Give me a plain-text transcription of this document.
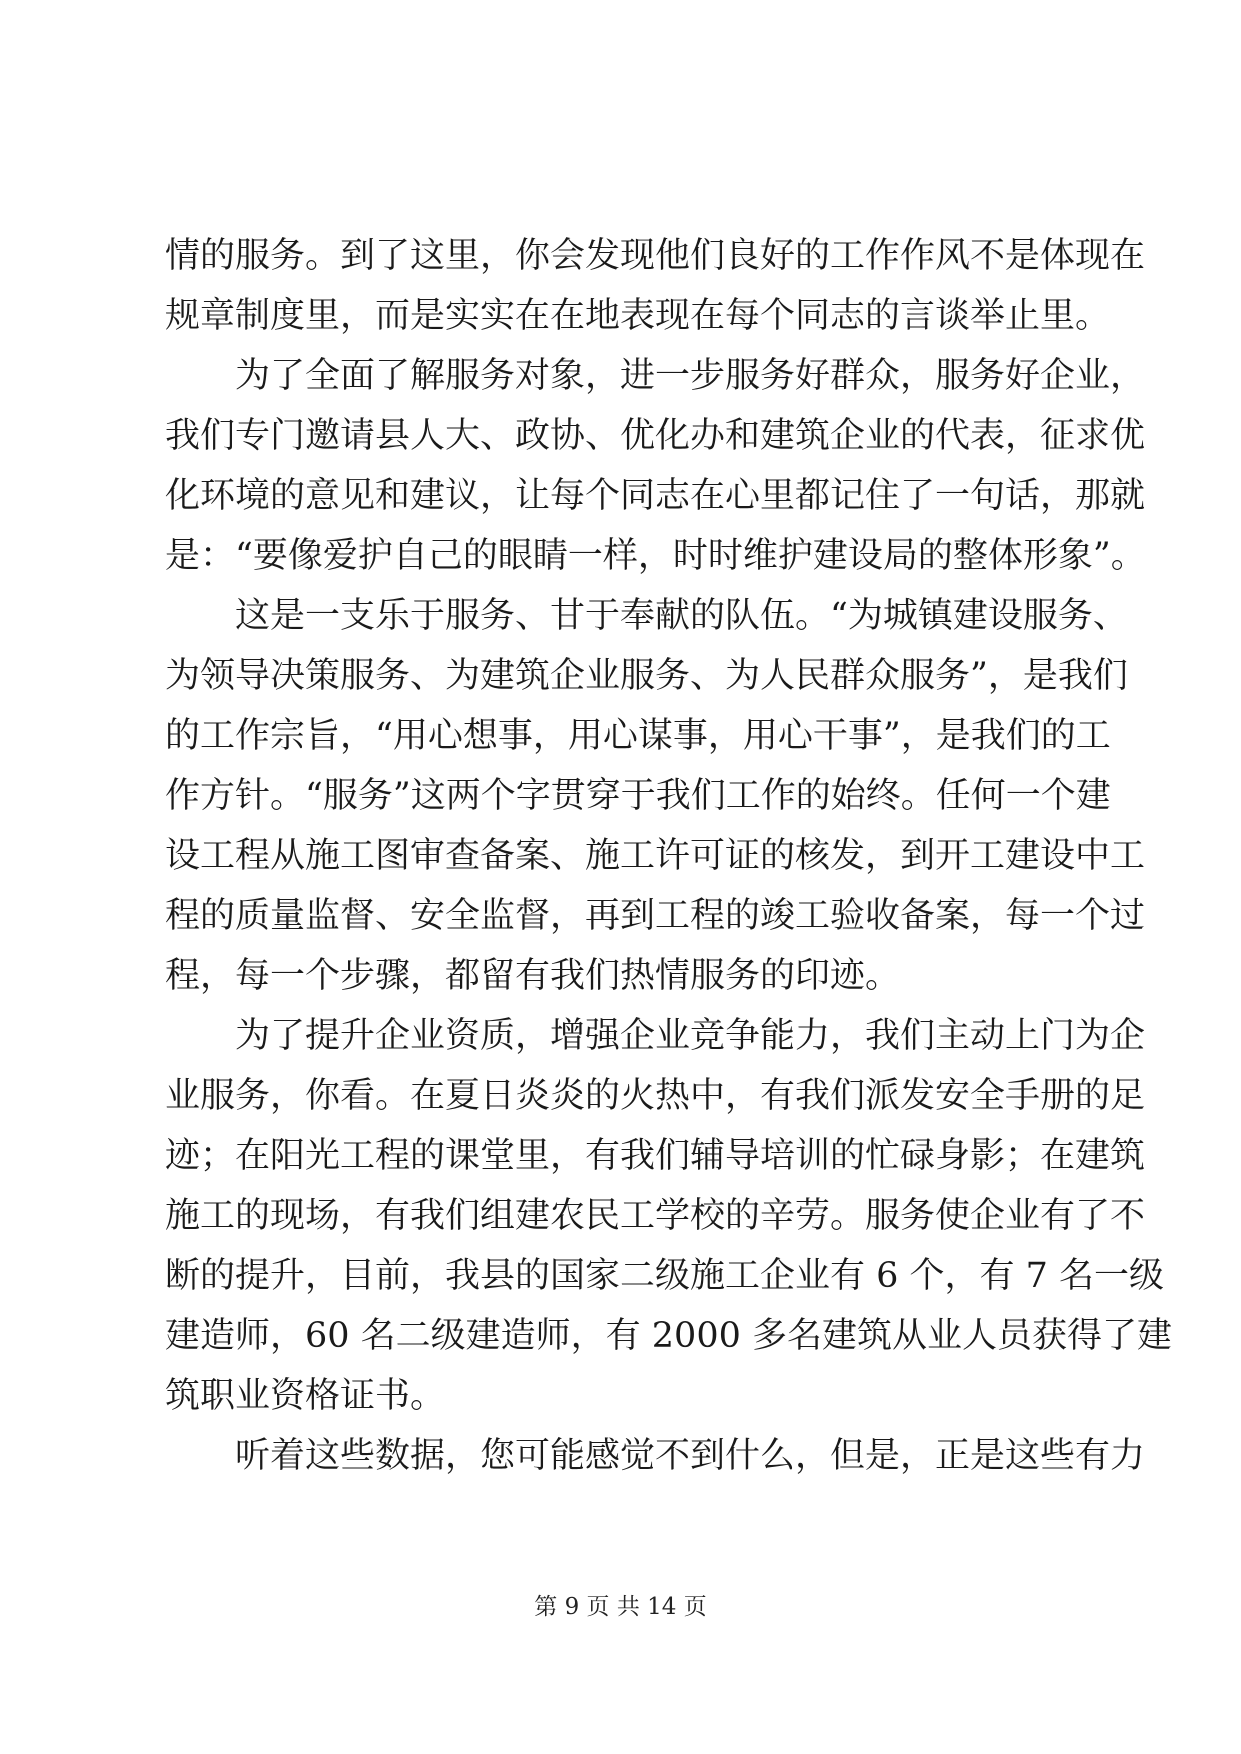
情的服务。到了这里，你会发现他们良好的工作作风不是体现在
规章制度里，而是实实在在地表现在每个同志的言谈举止里。
为了全面了解服务对象，进一步服务好群众，服务好企业，
我们专门邀请县人大、政协、优化办和建筑企业的代表，征求优
化环境的意见和建议，让每个同志在心里都记住了一句话，那就
是：“要像爱护自己的眼睛一样，时时维护建设局的整体形象”。
这是一支乐于服务、甘于奉献的队伍。“为城镇建设服务、
为领导决策服务、为建筑企业服务、为人民群众服务”，是我们
的工作宗旨，“用心想事，用心谋事，用心干事”，是我们的工
作方针。“服务”这两个字贯穿于我们工作的始终。任何一个建
设工程从施工图审查备案、施工许可证的核发，到开工建设中工
程的质量监督、安全监督，再到工程的竣工验收备案，每一个过
程，每一个步骤，都留有我们热情服务的印迹。
为了提升企业资质，增强企业竞争能力，我们主动上门为企
业服务，你看。在夏日炎炎的火热中，有我们派发安全手册的足
迹；在阳光工程的课堂里，有我们辅导培训的忙碌身影；在建筑
施工的现场，有我们组建农民工学校的辛劳。服务使企业有了不
断的提升，目前，我县的国家二级施工企业有 6 个，有 7 名一级
建造师，60 名二级建造师，有 2000 多名建筑从业人员获得了建
筑职业资格证书。
听着这些数据，您可能感觉不到什么，但是，正是这些有力
第 9 页 共 14 页
